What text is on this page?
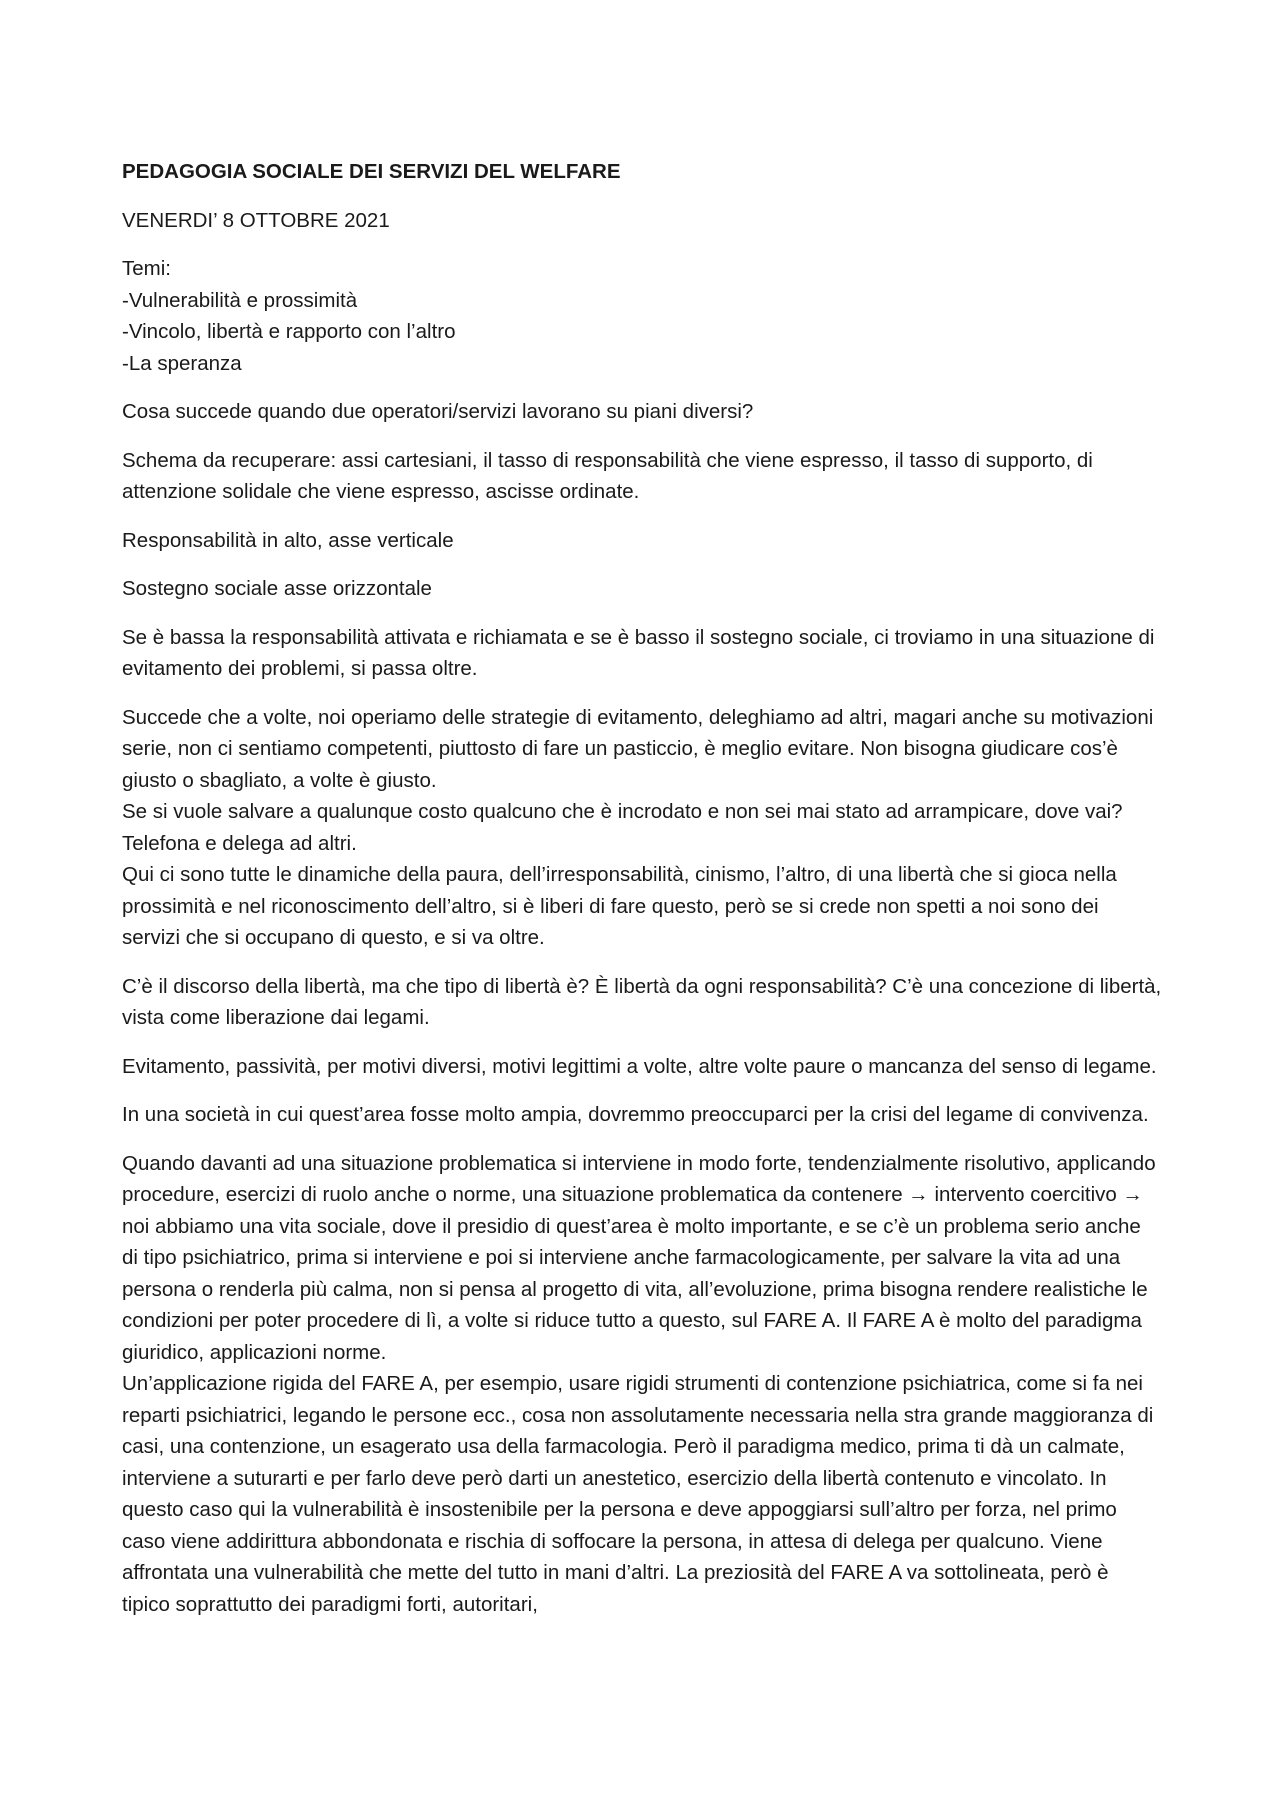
PEDAGOGIA SOCIALE DEI SERVIZI DEL WELFARE

VENERDI’ 8 OTTOBRE 2021

Temi:
-Vulnerabilità e prossimità
-Vincolo, libertà e rapporto con l’altro
-La speranza

Cosa succede quando due operatori/servizi lavorano su piani diversi?

Schema da recuperare: assi cartesiani, il tasso di responsabilità che viene espresso, il tasso di supporto, di attenzione solidale che viene espresso, ascisse ordinate.

Responsabilità in alto, asse verticale

Sostegno sociale asse orizzontale

Se è bassa la responsabilità attivata e richiamata e se è basso il sostegno sociale, ci troviamo in una situazione di evitamento dei problemi, si passa oltre.

Succede che a volte, noi operiamo delle strategie di evitamento, deleghiamo ad altri, magari anche su motivazioni serie, non ci sentiamo competenti, piuttosto di fare un pasticcio, è meglio evitare. Non bisogna giudicare cos’è giusto o sbagliato, a volte è giusto.
Se si vuole salvare a qualunque costo qualcuno che è incrodato e non sei mai stato ad arrampicare, dove vai? Telefona e delega ad altri.
Qui ci sono tutte le dinamiche della paura, dell’irresponsabilità, cinismo, l’altro, di una libertà che si gioca nella prossimità e nel riconoscimento dell’altro, si è liberi di fare questo, però se si crede non spetti a noi sono dei servizi che si occupano di questo, e si va oltre.

C’è il discorso della libertà, ma che tipo di libertà è? È libertà da ogni responsabilità? C’è una concezione di libertà, vista come liberazione dai legami.

Evitamento, passività, per motivi diversi, motivi legittimi a volte, altre volte paure o mancanza del senso di legame.

In una società in cui quest’area fosse molto ampia, dovremmo preoccuparci per la crisi del legame di convivenza.

Quando davanti ad una situazione problematica si interviene in modo forte, tendenzialmente risolutivo, applicando procedure, esercizi di ruolo anche o norme, una situazione problematica da contenere → intervento coercitivo → noi abbiamo una vita sociale, dove il presidio di quest’area è molto importante, e se c’è un problema serio anche di tipo psichiatrico, prima si interviene e poi si interviene anche farmacologicamente, per salvare la vita ad una persona o renderla più calma, non si pensa al progetto di vita, all’evoluzione, prima bisogna rendere realistiche le condizioni per poter procedere di lì, a volte si riduce tutto a questo, sul FARE A. Il FARE A è molto del paradigma giuridico, applicazioni norme.
Un’applicazione rigida del FARE A, per esempio, usare rigidi strumenti di contenzione psichiatrica, come si fa nei reparti psichiatrici, legando le persone ecc., cosa non assolutamente necessaria nella stra grande maggioranza di casi, una contenzione, un esagerato usa della farmacologia. Però il paradigma medico, prima ti dà un calmate, interviene a suturarti e per farlo deve però darti un anestetico, esercizio della libertà contenuto e vincolato. In questo caso qui la vulnerabilità è insostenibile per la persona e deve appoggiarsi sull’altro per forza, nel primo caso viene addirittura abbondonata e rischia di soffocare la persona, in attesa di delega per qualcuno. Viene affrontata una vulnerabilità che mette del tutto in mani d’altri. La preziosità del FARE A va sottolineata, però è tipico soprattutto dei paradigmi forti, autoritari,
